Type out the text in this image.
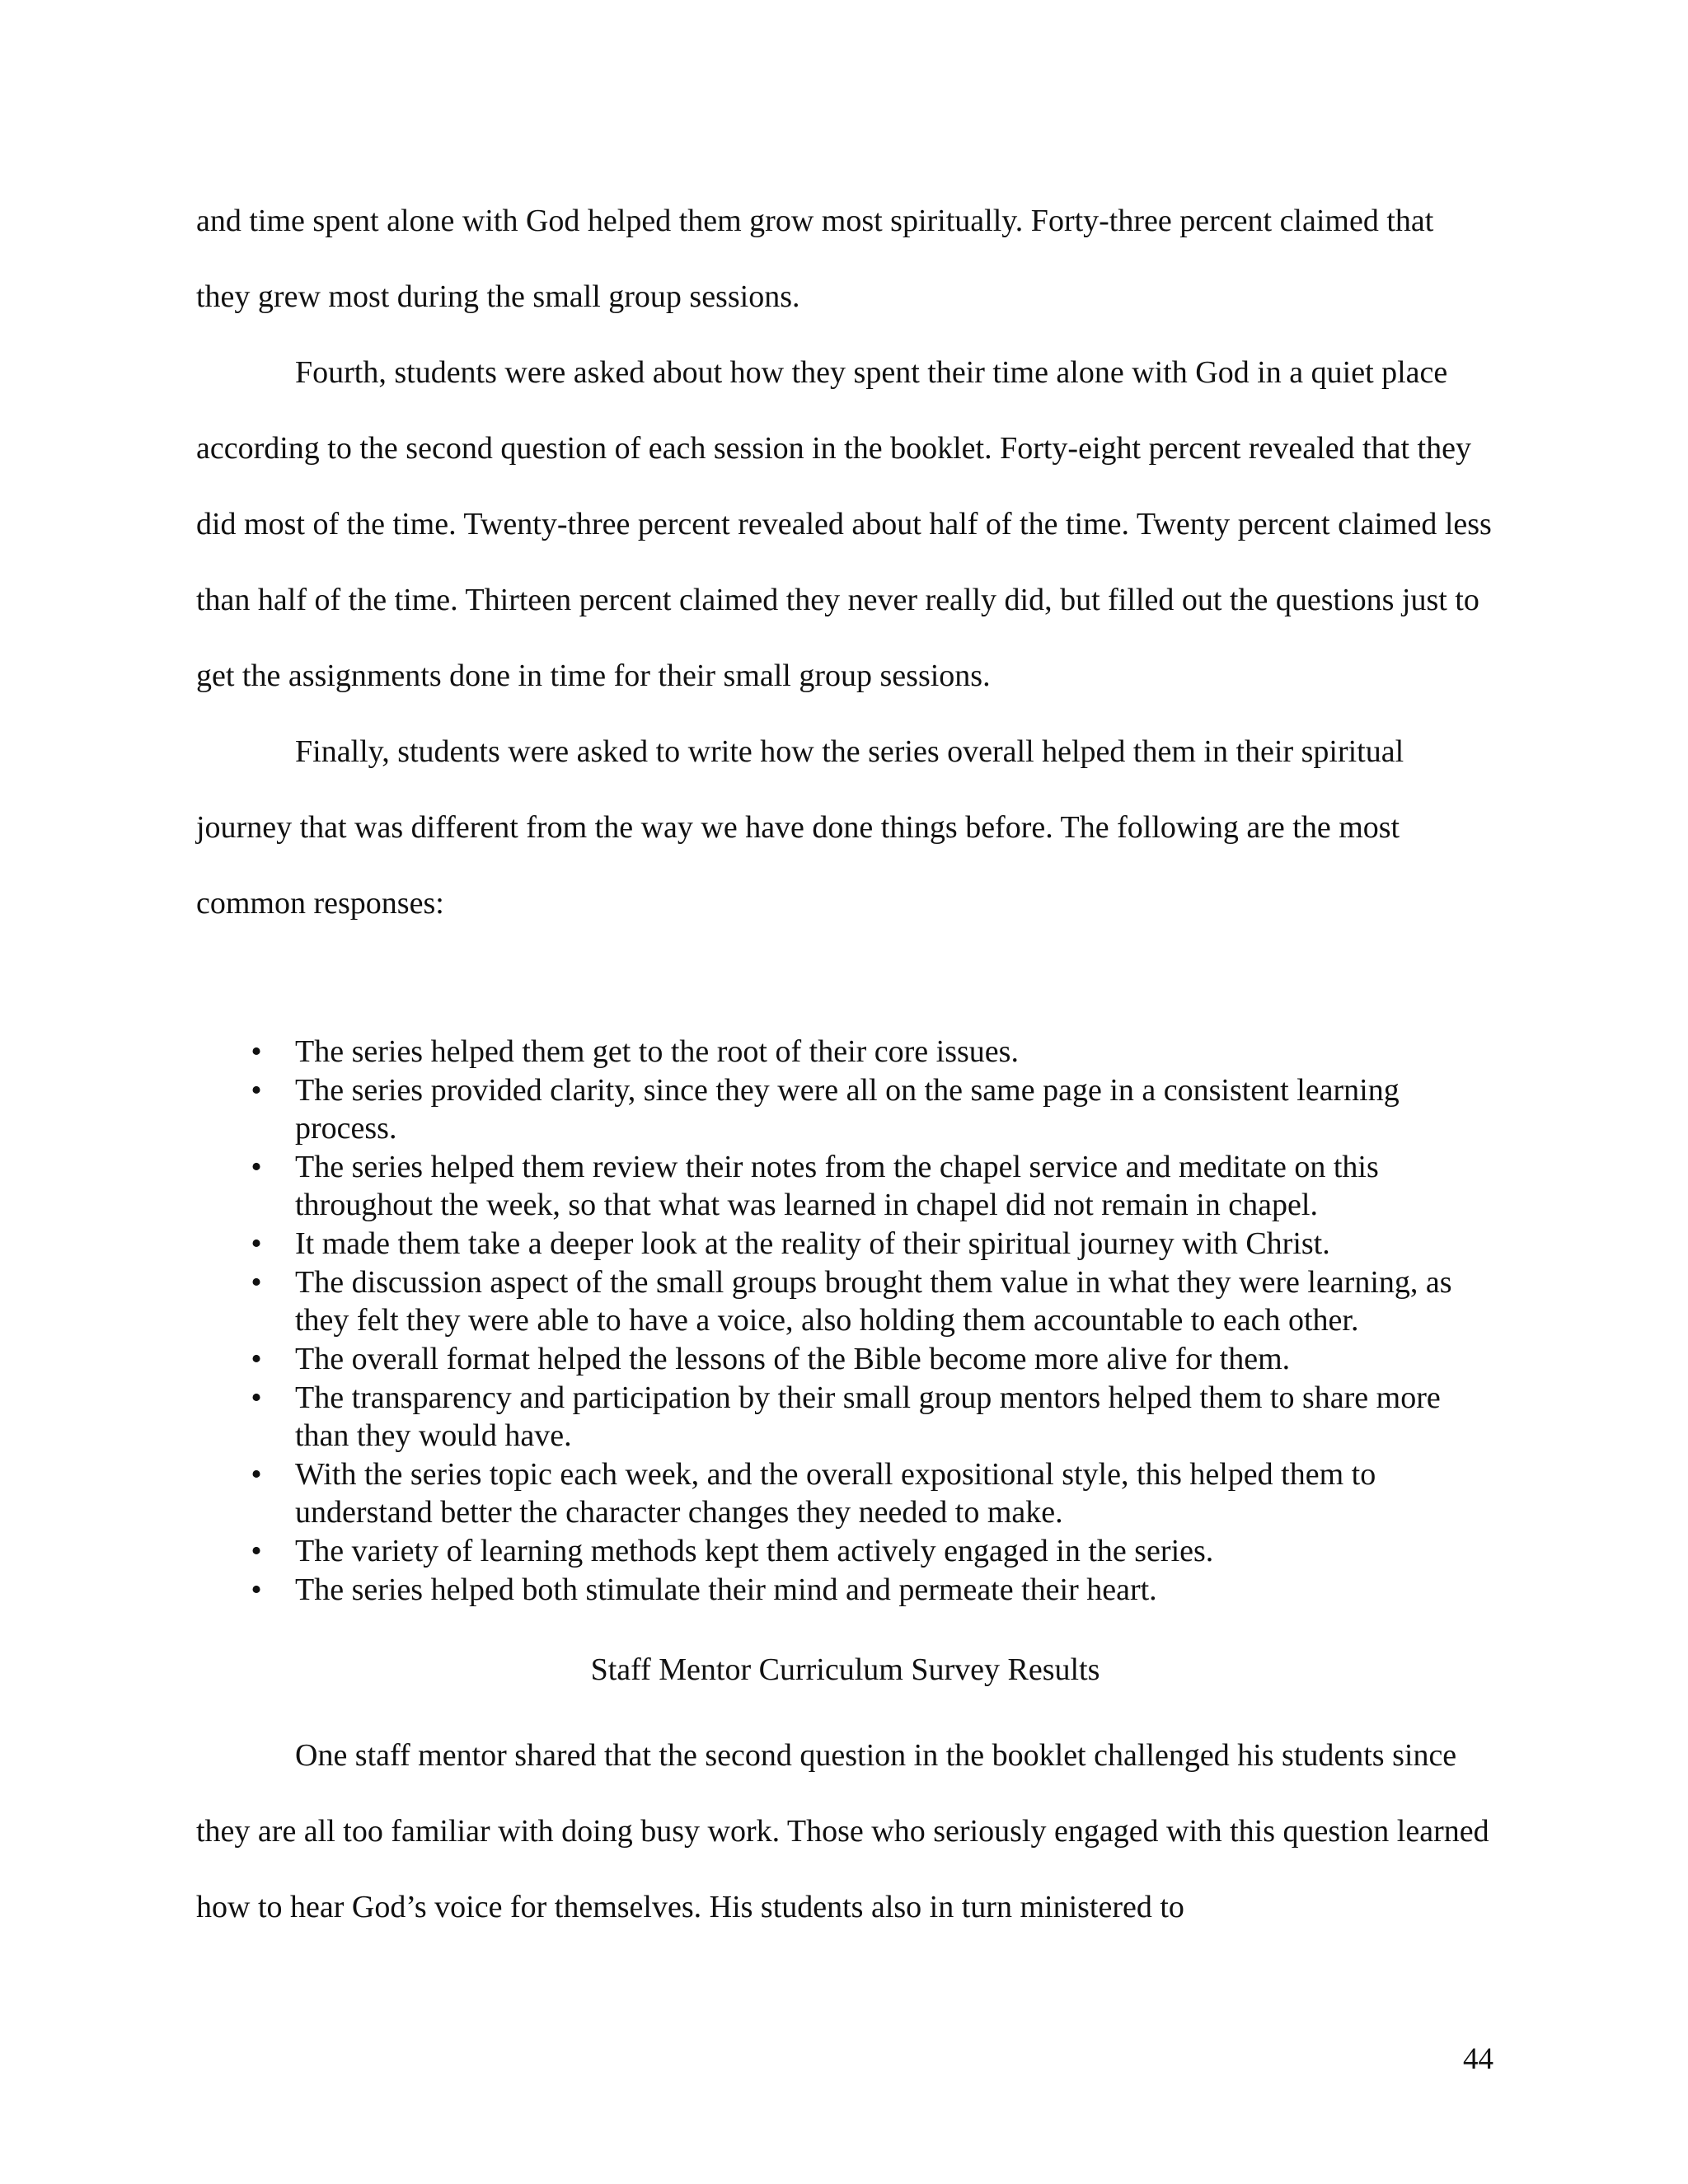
and time spent alone with God helped them grow most spiritually. Forty-three percent claimed that they grew most during the small group sessions.

Fourth, students were asked about how they spent their time alone with God in a quiet place according to the second question of each session in the booklet. Forty-eight percent revealed that they did most of the time. Twenty-three percent revealed about half of the time. Twenty percent claimed less than half of the time. Thirteen percent claimed they never really did, but filled out the questions just to get the assignments done in time for their small group sessions.

Finally, students were asked to write how the series overall helped them in their spiritual journey that was different from the way we have done things before. The following are the most common responses:

• The series helped them get to the root of their core issues.
• The series provided clarity, since they were all on the same page in a consistent learning process.
• The series helped them review their notes from the chapel service and meditate on this throughout the week, so that what was learned in chapel did not remain in chapel.
• It made them take a deeper look at the reality of their spiritual journey with Christ.
• The discussion aspect of the small groups brought them value in what they were learning, as they felt they were able to have a voice, also holding them accountable to each other.
• The overall format helped the lessons of the Bible become more alive for them.
• The transparency and participation by their small group mentors helped them to share more than they would have.
• With the series topic each week, and the overall expositional style, this helped them to understand better the character changes they needed to make.
• The variety of learning methods kept them actively engaged in the series.
• The series helped both stimulate their mind and permeate their heart.
Staff Mentor Curriculum Survey Results

One staff mentor shared that the second question in the booklet challenged his students since they are all too familiar with doing busy work. Those who seriously engaged with this question learned how to hear God’s voice for themselves. His students also in turn ministered to

44
